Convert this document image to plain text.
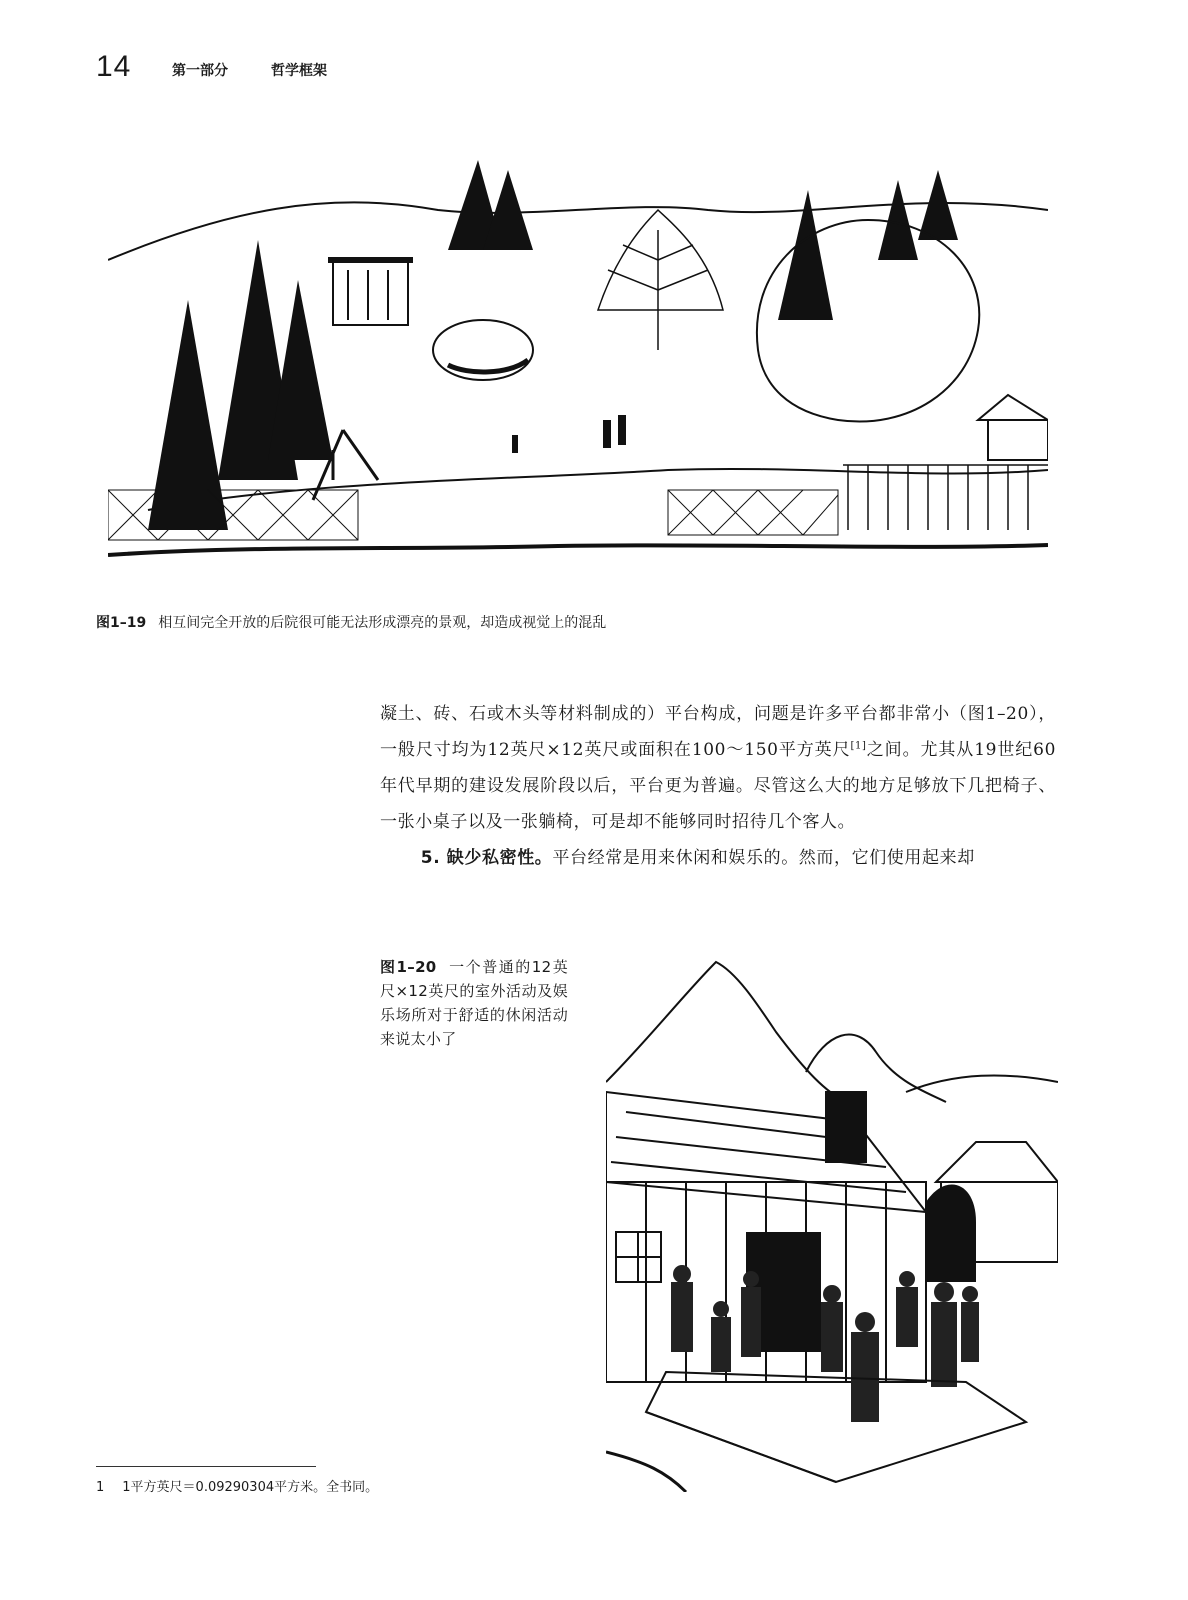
14	第一部分	哲学框架
图1–19 相互间完全开放的后院很可能无法形成漂亮的景观，却造成视觉上的混乱

凝土、砖、石或木头等材料制成的）平台构成，问题是许多平台都非常小（图1–20），一般尺寸均为12英尺×12英尺或面积在100～150平方英尺[1]之间。尤其从19世纪60年代早期的建设发展阶段以后，平台更为普遍。尽管这么大的地方足够放下几把椅子、一张小桌子以及一张躺椅，可是却不能够同时招待几个客人。

5. 缺少私密性。平台经常是用来休闲和娱乐的。然而，它们使用起来却

图1–20 一个普通的12英尺×12英尺的室外活动及娱乐场所对于舒适的休闲活动来说太小了
1 1平方英尺＝0.09290304平方米。全书同。
